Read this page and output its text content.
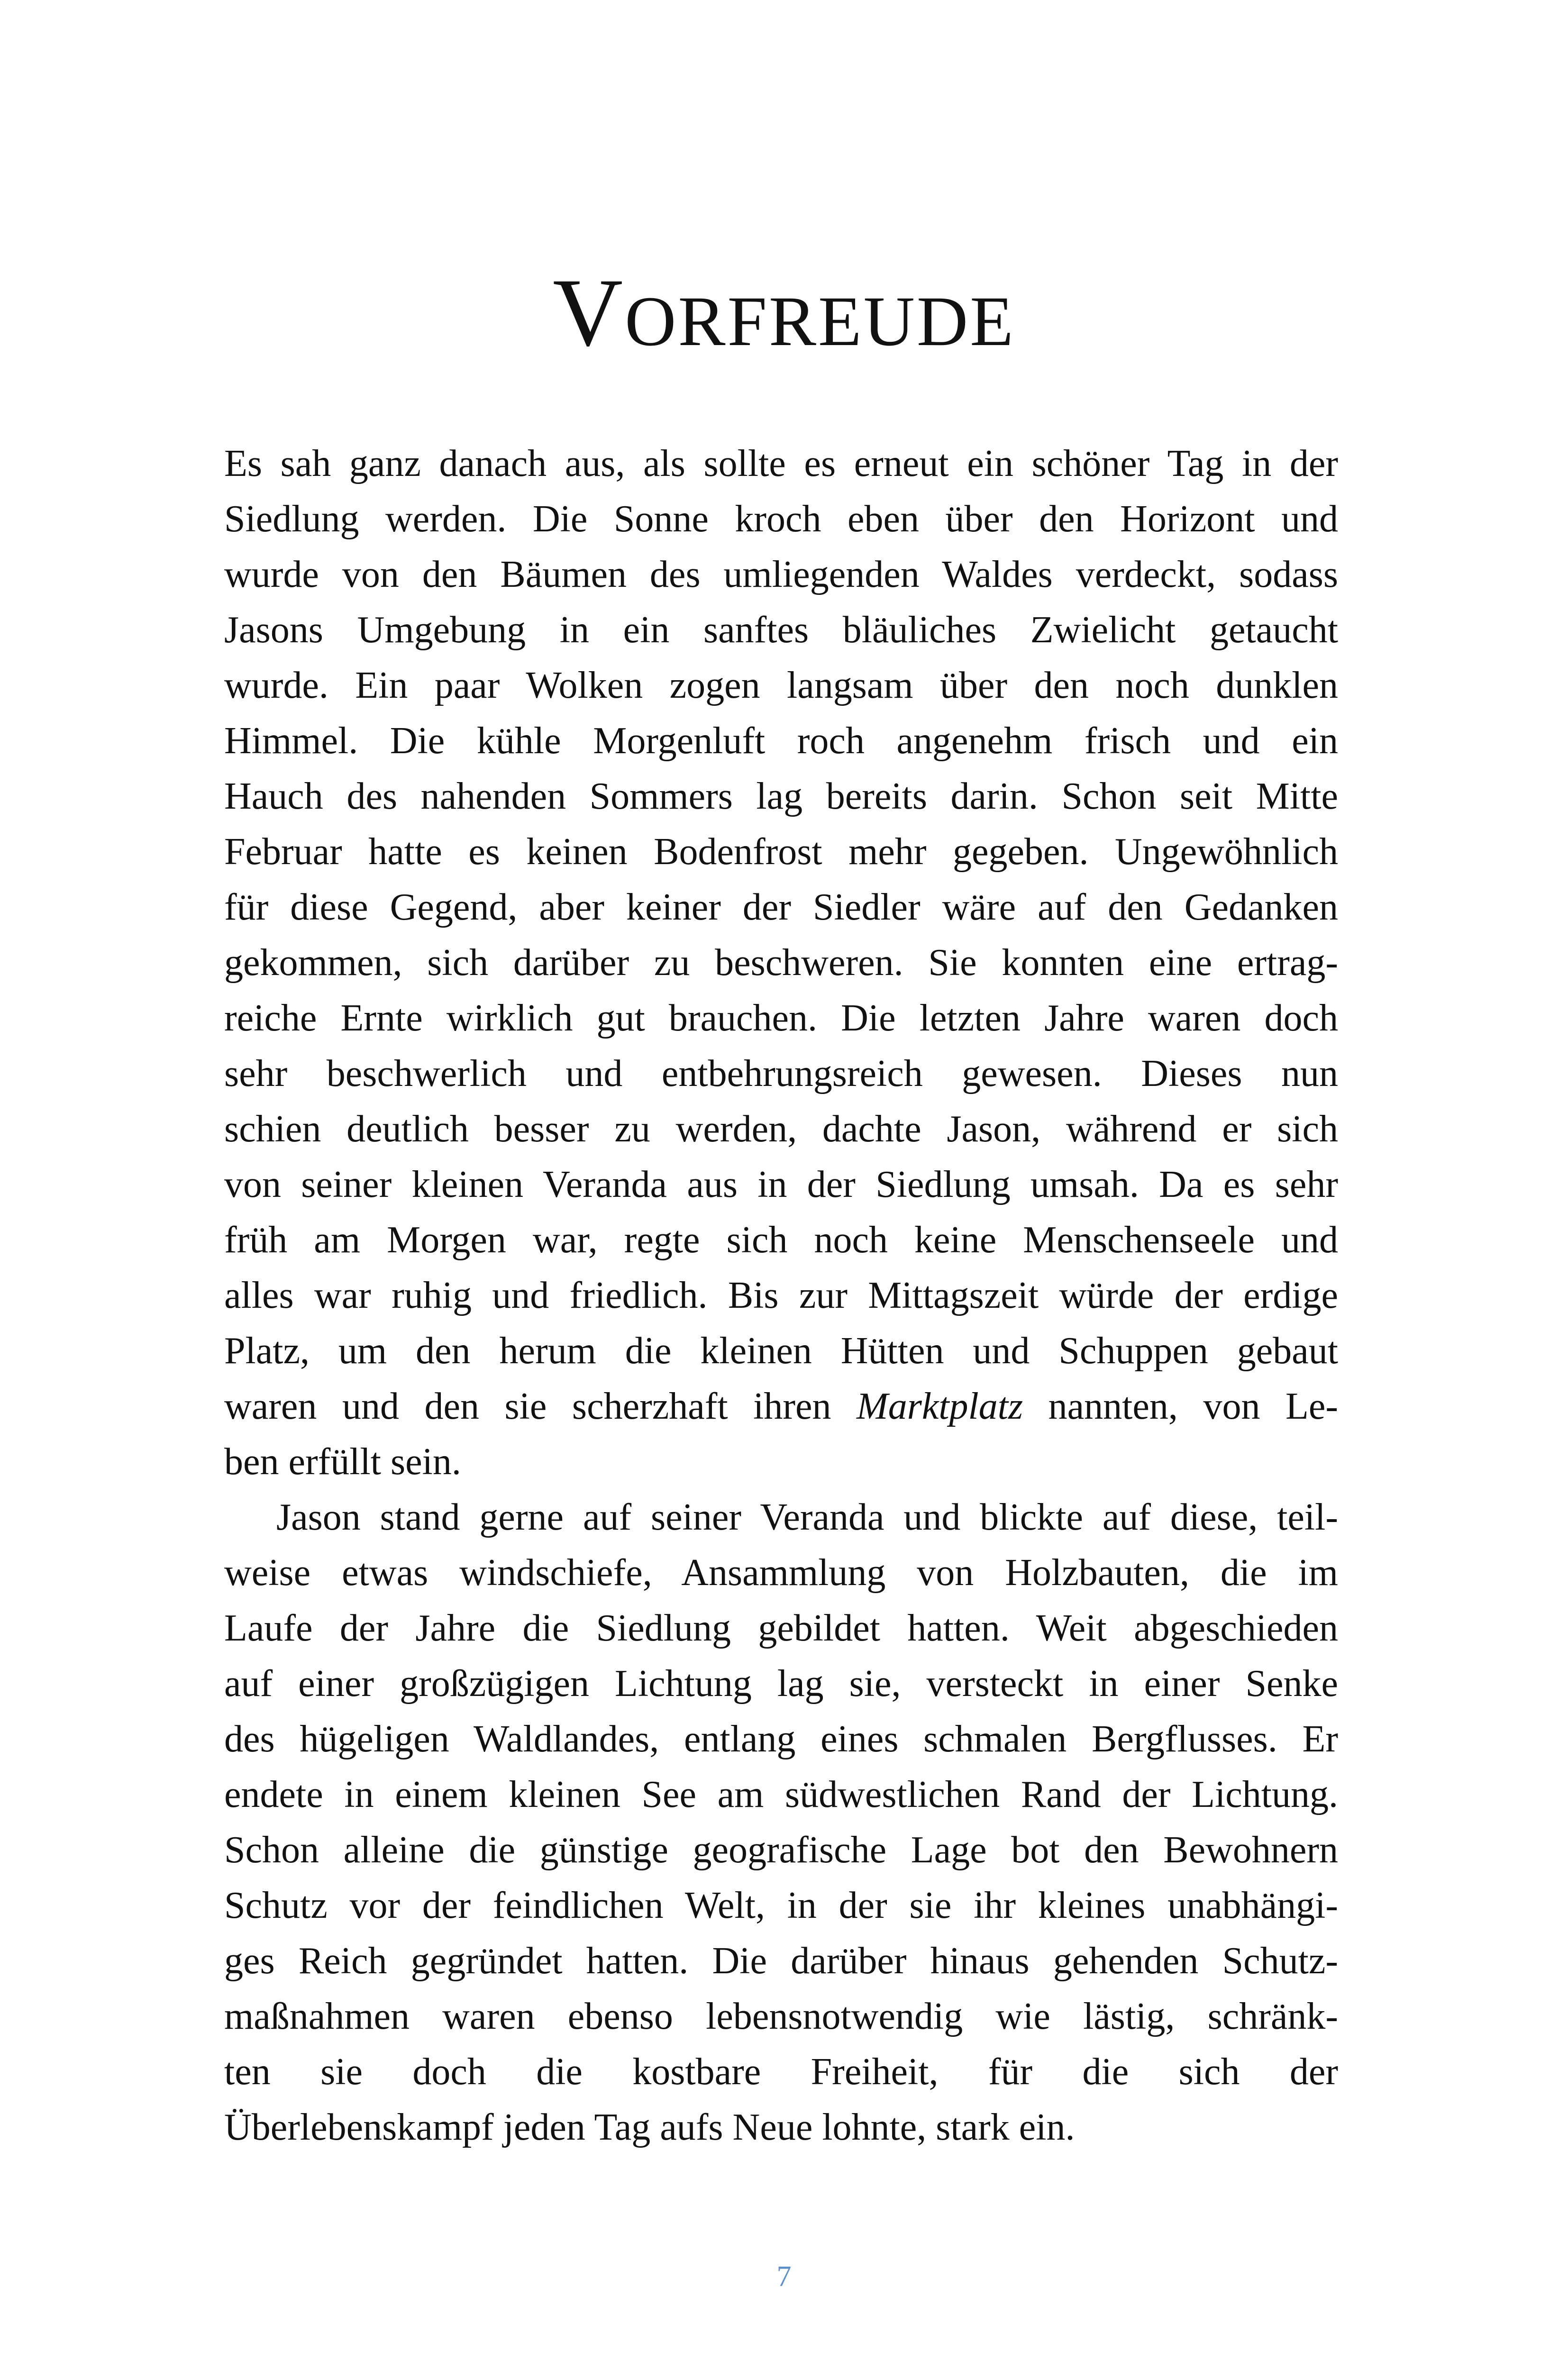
VORFREUDE
Es sah ganz danach aus, als sollte es erneut ein schöner Tag in der
Siedlung werden. Die Sonne kroch eben über den Horizont und
wurde von den Bäumen des umliegenden Waldes verdeckt, sodass
Jasons Umgebung in ein sanftes bläuliches Zwielicht getaucht
wurde. Ein paar Wolken zogen langsam über den noch dunklen
Himmel. Die kühle Morgenluft roch angenehm frisch und ein
Hauch des nahenden Sommers lag bereits darin. Schon seit Mitte
Februar hatte es keinen Bodenfrost mehr gegeben. Ungewöhnlich
für diese Gegend, aber keiner der Siedler wäre auf den Gedanken
gekommen, sich darüber zu beschweren. Sie konnten eine ertrag-
reiche Ernte wirklich gut brauchen. Die letzten Jahre waren doch
sehr beschwerlich und entbehrungsreich gewesen. Dieses nun
schien deutlich besser zu werden, dachte Jason, während er sich
von seiner kleinen Veranda aus in der Siedlung umsah. Da es sehr
früh am Morgen war, regte sich noch keine Menschenseele und
alles war ruhig und friedlich. Bis zur Mittagszeit würde der erdige
Platz, um den herum die kleinen Hütten und Schuppen gebaut
waren und den sie scherzhaft ihren Marktplatz nannten, von Le-
ben erfüllt sein.
Jason stand gerne auf seiner Veranda und blickte auf diese, teil-
weise etwas windschiefe, Ansammlung von Holzbauten, die im
Laufe der Jahre die Siedlung gebildet hatten. Weit abgeschieden
auf einer großzügigen Lichtung lag sie, versteckt in einer Senke
des hügeligen Waldlandes, entlang eines schmalen Bergflusses. Er
endete in einem kleinen See am südwestlichen Rand der Lichtung.
Schon alleine die günstige geografische Lage bot den Bewohnern
Schutz vor der feindlichen Welt, in der sie ihr kleines unabhängi-
ges Reich gegründet hatten. Die darüber hinaus gehenden Schutz-
maßnahmen waren ebenso lebensnotwendig wie lästig, schränk-
ten sie doch die kostbare Freiheit, für die sich der
Überlebenskampf jeden Tag aufs Neue lohnte, stark ein.
7
